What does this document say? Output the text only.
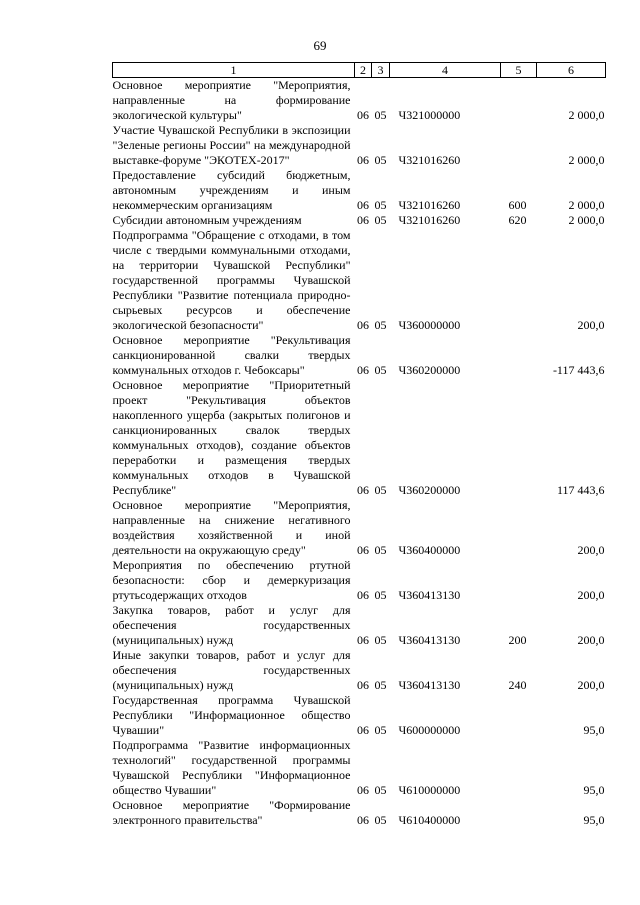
69
1	2	3	4	5	6
Основное мероприятие "Мероприятия, направленные на формирование экологической культуры"	06	05	Ч321000000		2 000,0
Участие Чувашской Республики в экспозиции "Зеленые регионы России" на международной выставке-форуме "ЭКОТЕХ-2017"	06	05	Ч321016260		2 000,0
Предоставление субсидий бюджетным, автономным учреждениям и иным некоммерческим организациям	06	05	Ч321016260	600	2 000,0
Субсидии автономным учреждениям	06	05	Ч321016260	620	2 000,0
Подпрограмма "Обращение с отходами, в том числе с твердыми коммунальными отходами, на территории Чувашской Республики" государственной программы Чувашской Республики "Развитие потенциала природно-сырьевых ресурсов и обеспечение экологической безопасности"	06	05	Ч360000000		200,0
Основное мероприятие "Рекультивация санкционированной свалки твердых коммунальных отходов г. Чебоксары"	06	05	Ч360200000		-117 443,6
Основное мероприятие "Приоритетный проект "Рекультивация объектов накопленного ущерба (закрытых полигонов и санкционированных свалок твердых коммунальных отходов), создание объектов переработки и размещения твердых коммунальных отходов в Чувашской Республике"	06	05	Ч360200000		117 443,6
Основное мероприятие "Мероприятия, направленные на снижение негативного воздействия хозяйственной и иной деятельности на окружающую среду"	06	05	Ч360400000		200,0
Мероприятия по обеспечению ртутной безопасности: сбор и демеркуризация ртутьсодержащих отходов	06	05	Ч360413130		200,0
Закупка товаров, работ и услуг для обеспечения государственных (муниципальных) нужд	06	05	Ч360413130	200	200,0
Иные закупки товаров, работ и услуг для обеспечения государственных (муниципальных) нужд	06	05	Ч360413130	240	200,0
Государственная программа Чувашской Республики "Информационное общество Чувашии"	06	05	Ч600000000		95,0
Подпрограмма "Развитие информационных технологий" государственной программы Чувашской Республики "Информационное общество Чувашии"	06	05	Ч610000000		95,0
Основное мероприятие "Формирование электронного правительства"	06	05	Ч610400000		95,0
